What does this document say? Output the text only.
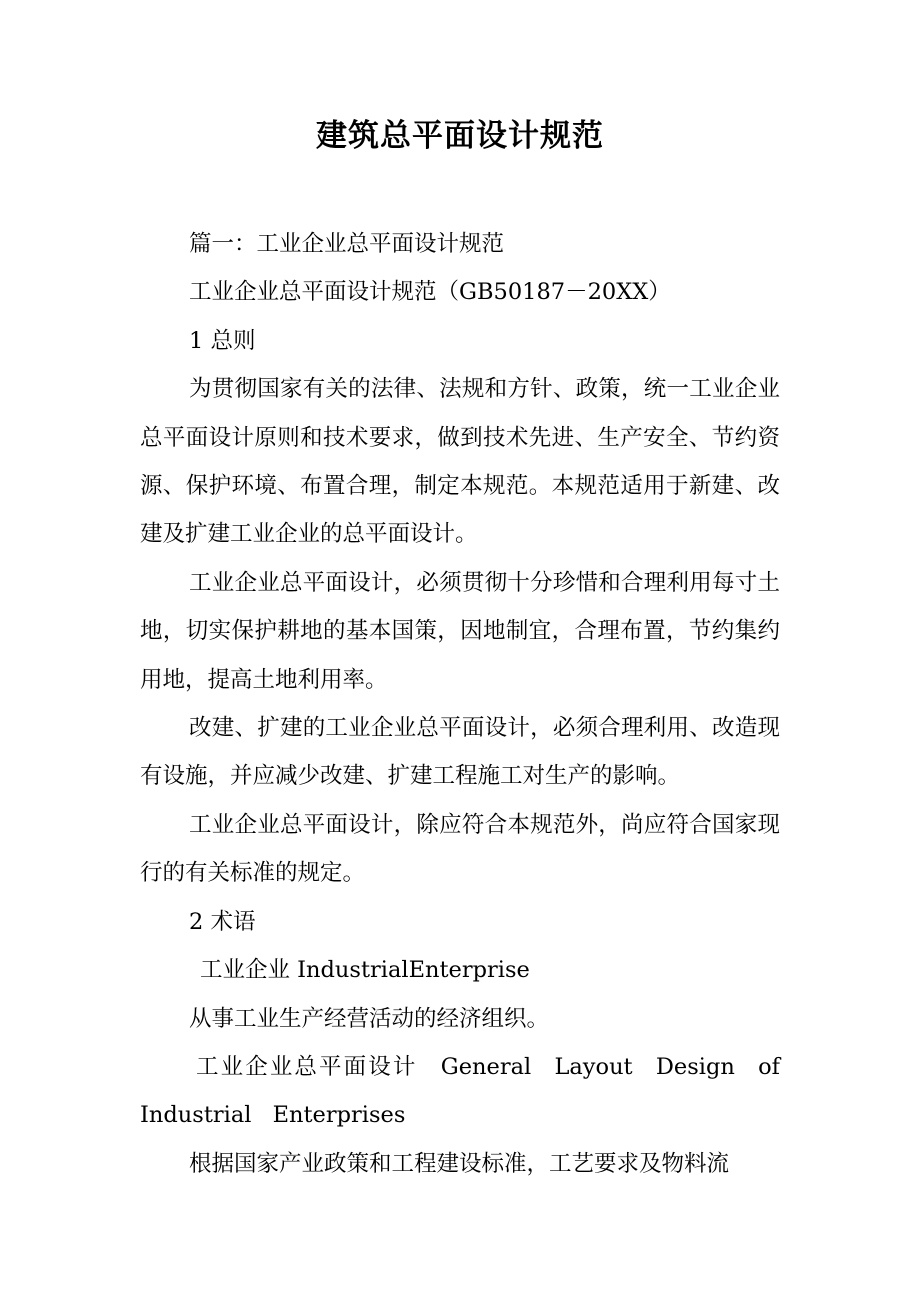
建筑总平面设计规范

篇一：工业企业总平面设计规范

工业企业总平面设计规范（GB50187－20XX）

1 总则

为贯彻国家有关的法律、法规和方针、政策，统一工业企业总平面设计原则和技术要求，做到技术先进、生产安全、节约资源、保护环境、布置合理，制定本规范。本规范适用于新建、改建及扩建工业企业的总平面设计。

工业企业总平面设计，必须贯彻十分珍惜和合理利用每寸土地，切实保护耕地的基本国策，因地制宜，合理布置，节约集约用地，提高土地利用率。

改建、扩建的工业企业总平面设计，必须合理利用、改造现有设施，并应减少改建、扩建工程施工对生产的影响。

工业企业总平面设计，除应符合本规范外，尚应符合国家现行的有关标准的规定。

2 术语

工业企业 IndustrialEnterprise

从事工业生产经营活动的经济组织。

工业企业总平面设计 General Layout Design of Industrial Enterprises

根据国家产业政策和工程建设标准，工艺要求及物料流
